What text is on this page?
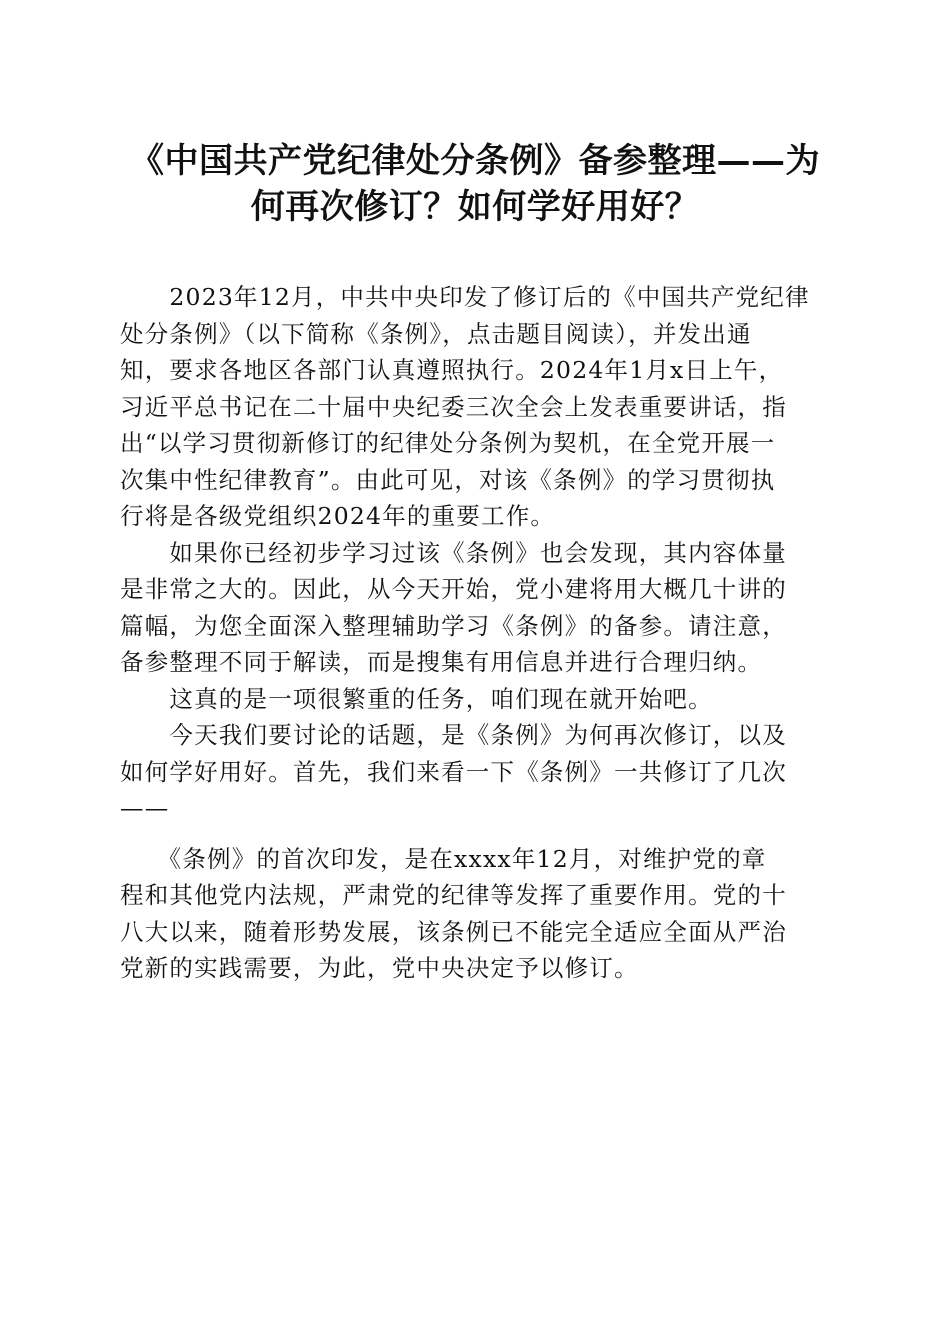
《中国共产党纪律处分条例》备参整理——为
何再次修订？如何学好用好？

　　2023年12月，中共中央印发了修订后的《中国共产党纪律
处分条例》（以下简称《条例》，点击题目阅读），并发出通
知，要求各地区各部门认真遵照执行。2024年1月x日上午，
习近平总书记在二十届中央纪委三次全会上发表重要讲话，指
出“以学习贯彻新修订的纪律处分条例为契机，在全党开展一
次集中性纪律教育”。由此可见，对该《条例》的学习贯彻执
行将是各级党组织2024年的重要工作。

　　如果你已经初步学习过该《条例》也会发现，其内容体量
是非常之大的。因此，从今天开始，党小建将用大概几十讲的
篇幅，为您全面深入整理辅助学习《条例》的备参。请注意，
备参整理不同于解读，而是搜集有用信息并进行合理归纳。

　　这真的是一项很繁重的任务，咱们现在就开始吧。

　　今天我们要讨论的话题，是《条例》为何再次修订，以及
如何学好用好。首先，我们来看一下《条例》一共修订了几次
——

　　《条例》的首次印发，是在xxxx年12月，对维护党的章
程和其他党内法规，严肃党的纪律等发挥了重要作用。党的十
八大以来，随着形势发展，该条例已不能完全适应全面从严治
党新的实践需要，为此，党中央决定予以修订。
